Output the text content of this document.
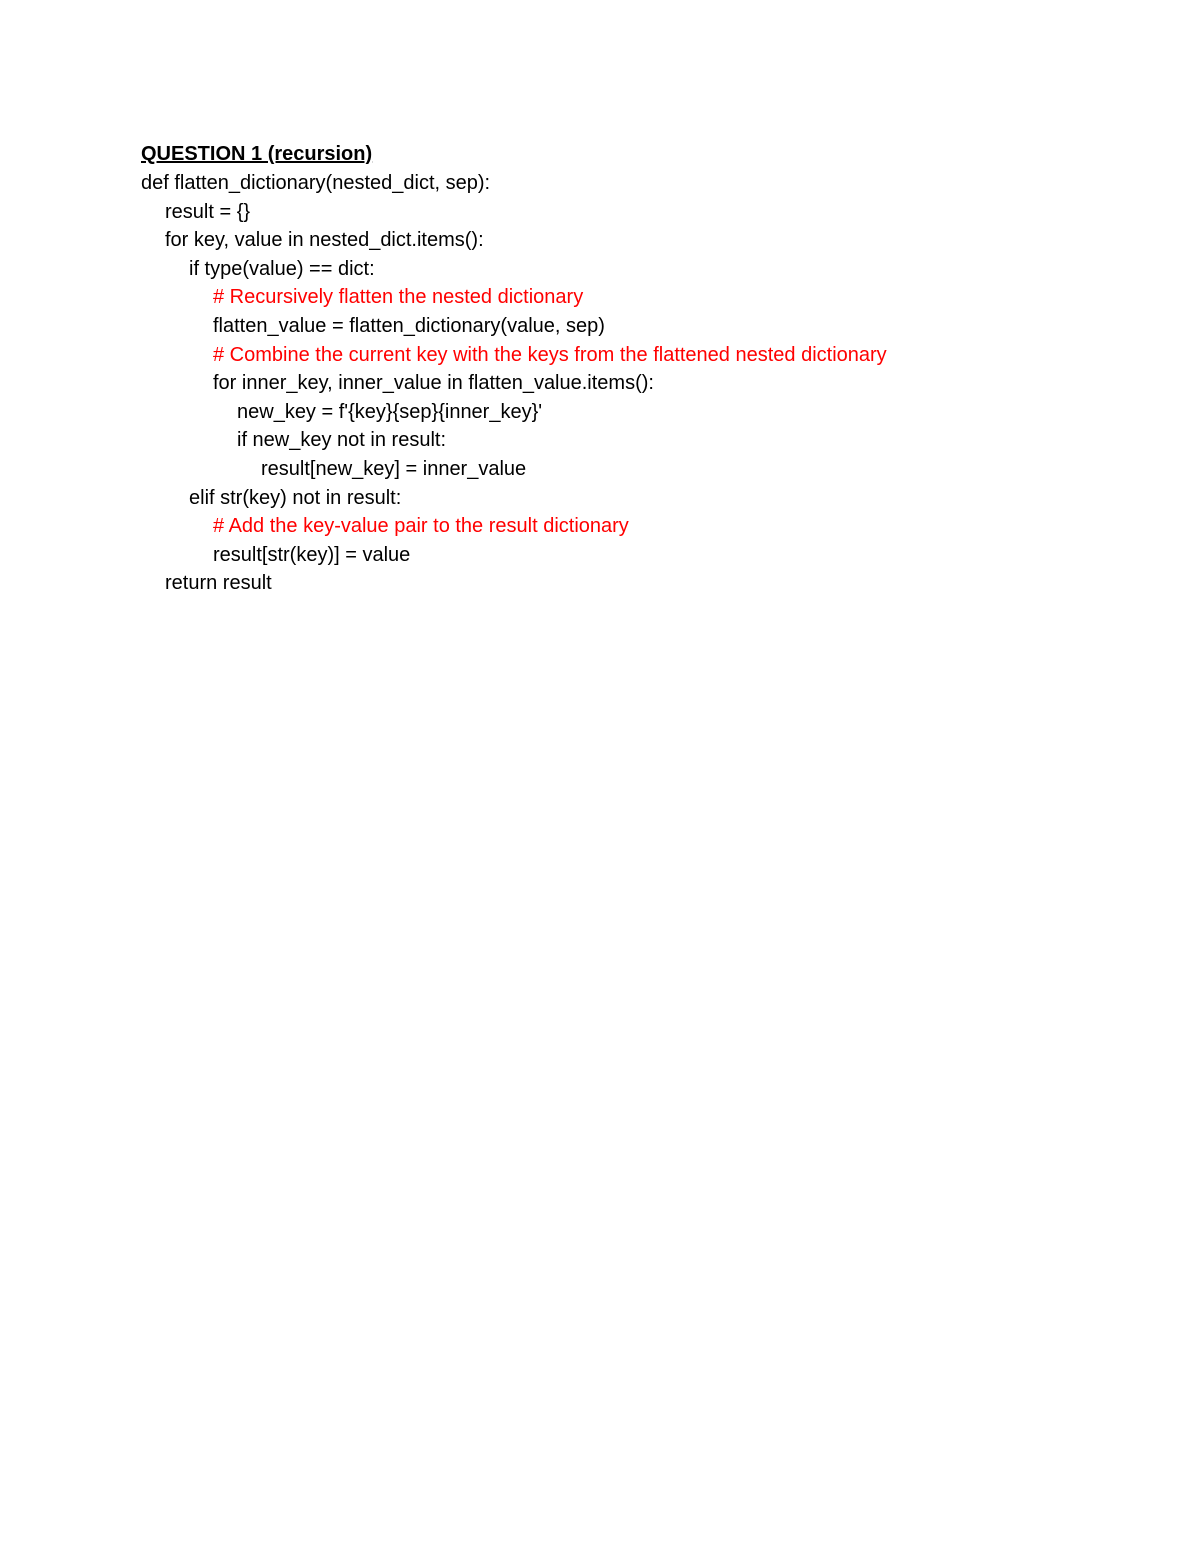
QUESTION 1 (recursion)
def flatten_dictionary(nested_dict, sep):
result = {}
for key, value in nested_dict.items():
if type(value) == dict:
# Recursively flatten the nested dictionary
flatten_value = flatten_dictionary(value, sep)
# Combine the current key with the keys from the flattened nested dictionary
for inner_key, inner_value in flatten_value.items():
new_key = f'{key}{sep}{inner_key}'
if new_key not in result:
result[new_key] = inner_value
elif str(key) not in result:
# Add the key-value pair to the result dictionary
result[str(key)] = value
return result
